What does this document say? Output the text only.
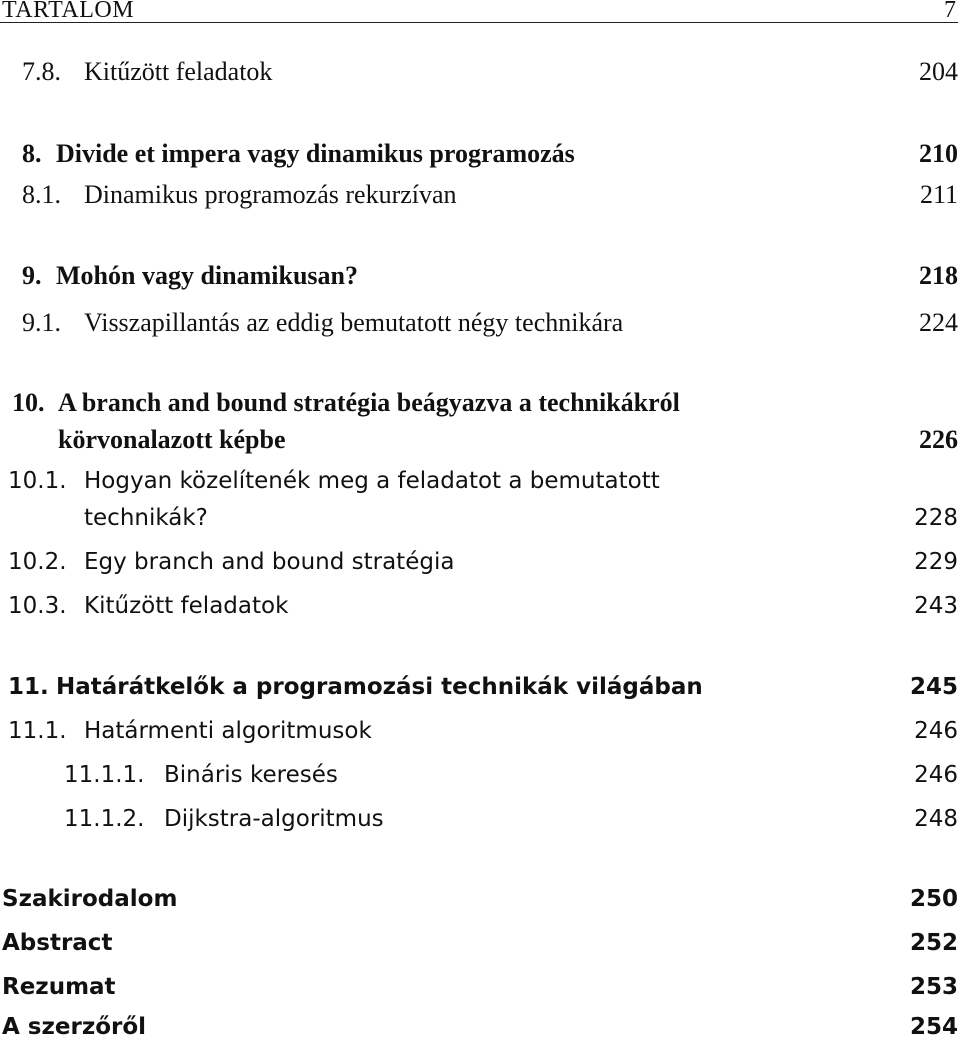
TARTALOM	7
7.8. Kitűzött feladatok	204
8. Divide et impera vagy dinamikus programozás	210
8.1. Dinamikus programozás rekurzívan	211
9. Mohón vagy dinamikusan?	218
9.1. Visszapillantás az eddig bemutatott négy technikára	224
10. A branch and bound stratégia beágyazva a technikákról
körvonalazott képbe	226
10.1. Hogyan közelítenék meg a feladatot a bemutatott
technikák?	228
10.2. Egy branch and bound stratégia	229
10.3. Kitűzött feladatok	243
11. Határátkelők a programozási technikák világában	245
11.1. Határmenti algoritmusok	246
11.1.1. Bináris keresés	246
11.1.2. Dijkstra-algoritmus	248
Szakirodalom	250
Abstract	252
Rezumat	253
A szerzőről	254
